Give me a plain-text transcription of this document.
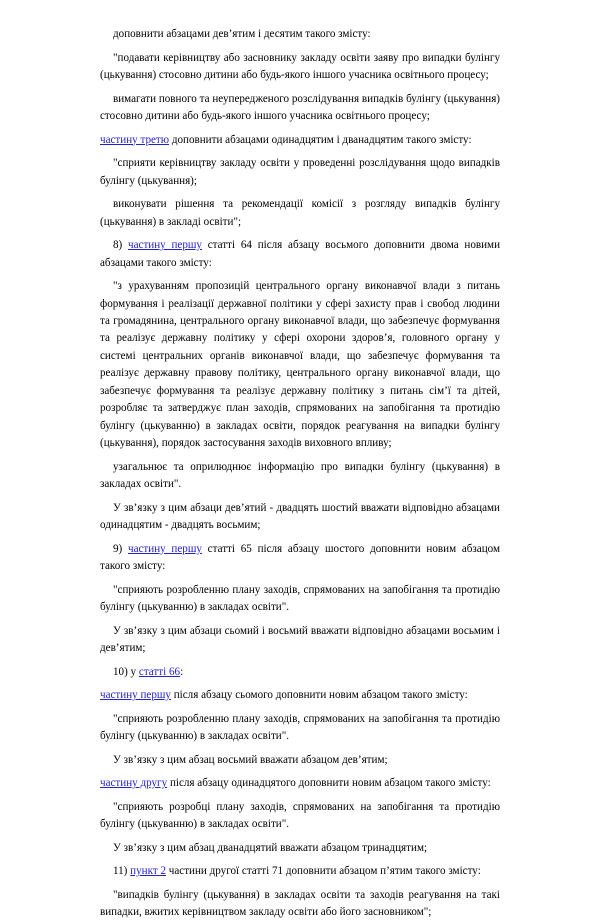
доповнити абзацами дев’ятим і десятим такого змісту:

"подавати керівництву або засновнику закладу освіти заяву про випадки булінгу (цькування) стосовно дитини або будь-якого іншого учасника освітнього процесу;

вимагати повного та неупередженого розслідування випадків булінгу (цькування) стосовно дитини або будь-якого іншого учасника освітнього процесу;

частину третю доповнити абзацами одинадцятим і дванадцятим такого змісту:

"сприяти керівництву закладу освіти у проведенні розслідування щодо випадків булінгу (цькування);

виконувати рішення та рекомендації комісії з розгляду випадків булінгу (цькування) в закладі освіти";

8) частину першу статті 64 після абзацу восьмого доповнити двома новими абзацами такого змісту:

"з урахуванням пропозицій центрального органу виконавчої влади з питань формування і реалізації державної політики у сфері захисту прав і свобод людини та громадянина, центрального органу виконавчої влади, що забезпечує формування та реалізує державну політику у сфері охорони здоров’я, головного органу у системі центральних органів виконавчої влади, що забезпечує формування та реалізує державну правову політику, центрального органу виконавчої влади, що забезпечує формування та реалізує державну політику з питань сім’ї та дітей, розробляє та затверджує план заходів, спрямованих на запобігання та протидію булінгу (цькуванню) в закладах освіти, порядок реагування на випадки булінгу (цькування), порядок застосування заходів виховного впливу;

узагальнює та оприлюднює інформацію про випадки булінгу (цькування) в закладах освіти".

У зв’язку з цим абзаци дев’ятий - двадцять шостий вважати відповідно абзацами одинадцятим - двадцять восьмим;

9) частину першу статті 65 після абзацу шостого доповнити новим абзацом такого змісту:

"сприяють розробленню плану заходів, спрямованих на запобігання та протидію булінгу (цькуванню) в закладах освіти".

У зв’язку з цим абзаци сьомий і восьмий вважати відповідно абзацами восьмим і дев’ятим;

10) у статті 66:

частину першу після абзацу сьомого доповнити новим абзацом такого змісту:

"сприяють розробленню плану заходів, спрямованих на запобігання та протидію булінгу (цькуванню) в закладах освіти".

У зв’язку з цим абзац восьмий вважати абзацом дев’ятим;

частину другу після абзацу одинадцятого доповнити новим абзацом такого змісту:

"сприяють розробці плану заходів, спрямованих на запобігання та протидію булінгу (цькуванню) в закладах освіти".

У зв’язку з цим абзац дванадцятий вважати абзацом тринадцятим;

11) пункт 2 частини другої статті 71 доповнити абзацом п’ятим такого змісту:

"випадків булінгу (цькування) в закладах освіти та заходів реагування на такі випадки, вжитих керівництвом закладу освіти або його засновником";
